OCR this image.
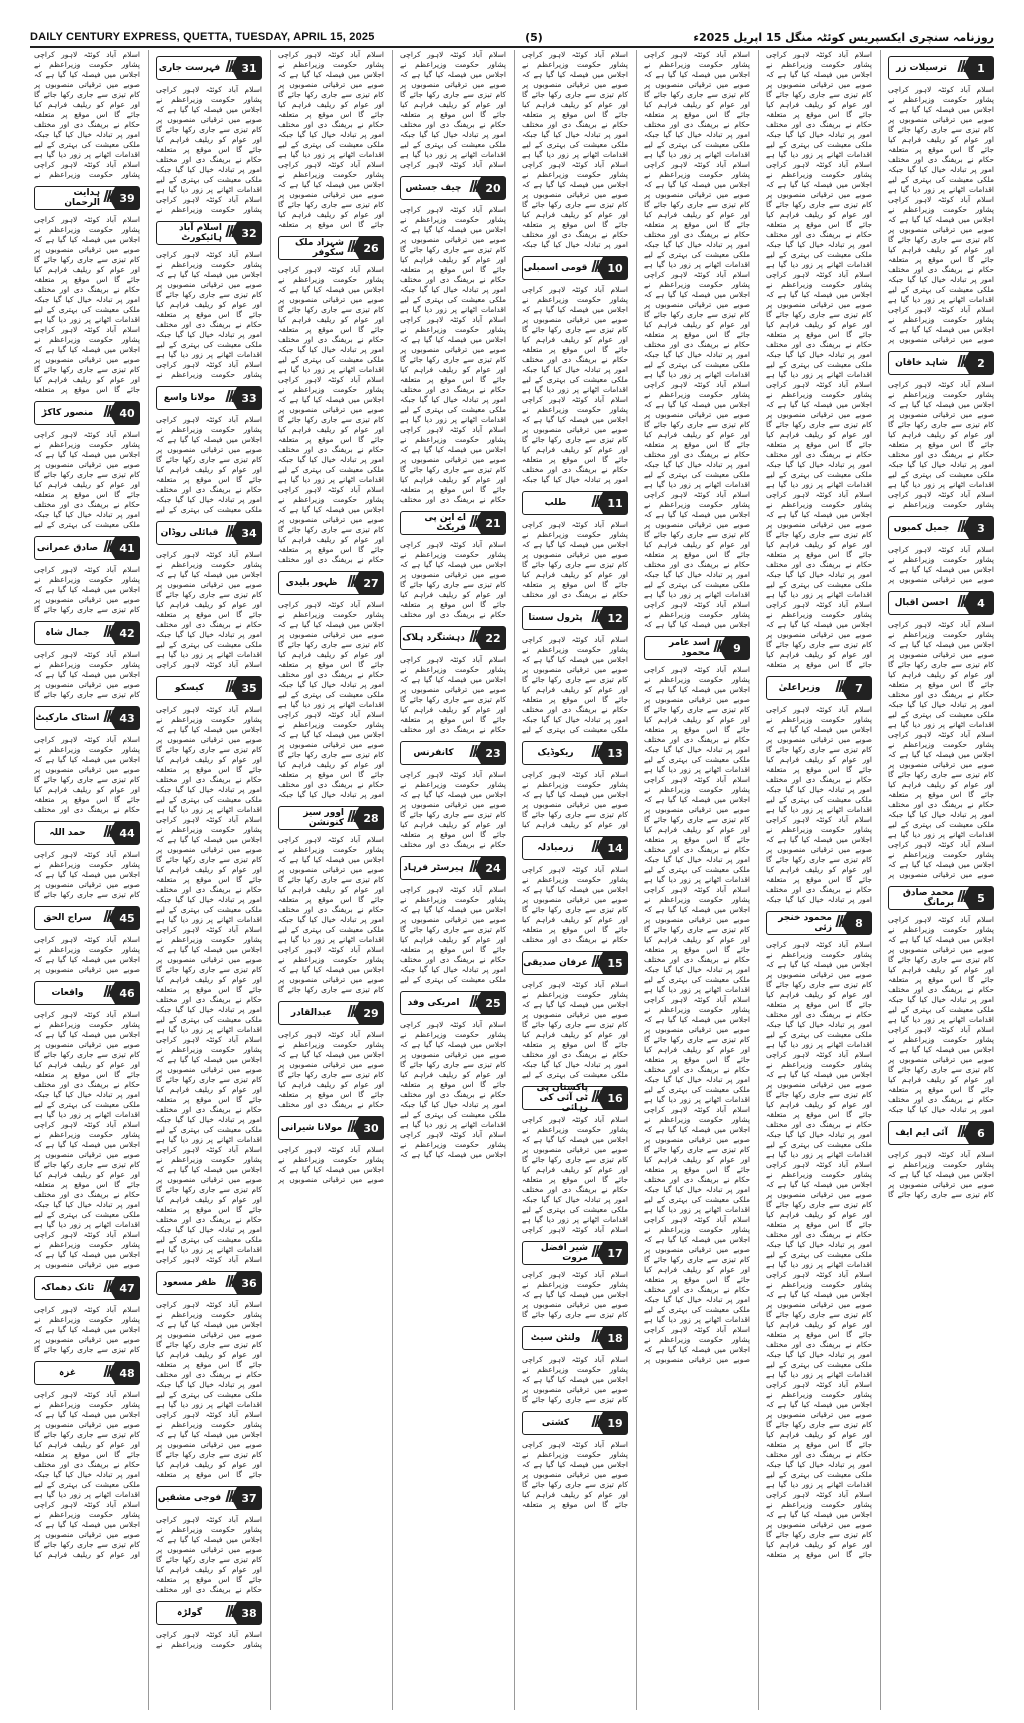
DAILY CENTURY EXPRESS, QUETTA, TUESDAY, APRIL 15, 2025	(5)	روزنامہ سنچری ایکسپریس کوئٹہ منگل 15 اپریل 2025ء
1
ترسیلات زر
اسلام آباد کوئٹہ لاہور کراچی پشاور حکومت وزیراعظم نے اجلاس میں فیصلہ کیا گیا ہے کہ صوبے میں ترقیاتی منصوبوں پر کام تیزی سے جاری رکھا جائے گا اور عوام کو ریلیف فراہم کیا جائے گا اس موقع پر متعلقہ حکام نے بریفنگ دی اور مختلف امور پر تبادلہ خیال کیا گیا جبکہ ملکی معیشت کی بہتری کے لیے اقدامات اٹھانے پر زور دیا گیا ہے اسلام آباد کوئٹہ لاہور کراچی پشاور حکومت وزیراعظم نے اجلاس میں فیصلہ کیا گیا ہے کہ صوبے میں ترقیاتی منصوبوں پر کام تیزی سے جاری رکھا جائے گا اور عوام کو ریلیف فراہم کیا جائے گا اس موقع پر متعلقہ حکام نے بریفنگ دی اور مختلف امور پر تبادلہ خیال کیا گیا جبکہ ملکی معیشت کی بہتری کے لیے اقدامات اٹھانے پر زور دیا گیا ہے اسلام آباد کوئٹہ لاہور کراچی پشاور حکومت وزیراعظم نے اجلاس میں فیصلہ کیا گیا ہے کہ صوبے میں ترقیاتی منصوبوں پر
2
شاہد خاقان
اسلام آباد کوئٹہ لاہور کراچی پشاور حکومت وزیراعظم نے اجلاس میں فیصلہ کیا گیا ہے کہ صوبے میں ترقیاتی منصوبوں پر کام تیزی سے جاری رکھا جائے گا اور عوام کو ریلیف فراہم کیا جائے گا اس موقع پر متعلقہ حکام نے بریفنگ دی اور مختلف امور پر تبادلہ خیال کیا گیا جبکہ ملکی معیشت کی بہتری کے لیے اقدامات اٹھانے پر زور دیا گیا ہے اسلام آباد کوئٹہ لاہور کراچی پشاور حکومت وزیراعظم نے
3
جمیل کمبوں
اسلام آباد کوئٹہ لاہور کراچی پشاور حکومت وزیراعظم نے اجلاس میں فیصلہ کیا گیا ہے کہ صوبے میں ترقیاتی منصوبوں پر
4
احسن اقبال
اسلام آباد کوئٹہ لاہور کراچی پشاور حکومت وزیراعظم نے اجلاس میں فیصلہ کیا گیا ہے کہ صوبے میں ترقیاتی منصوبوں پر کام تیزی سے جاری رکھا جائے گا اور عوام کو ریلیف فراہم کیا جائے گا اس موقع پر متعلقہ حکام نے بریفنگ دی اور مختلف امور پر تبادلہ خیال کیا گیا جبکہ ملکی معیشت کی بہتری کے لیے اقدامات اٹھانے پر زور دیا گیا ہے اسلام آباد کوئٹہ لاہور کراچی پشاور حکومت وزیراعظم نے اجلاس میں فیصلہ کیا گیا ہے کہ صوبے میں ترقیاتی منصوبوں پر کام تیزی سے جاری رکھا جائے گا اور عوام کو ریلیف فراہم کیا جائے گا اس موقع پر متعلقہ حکام نے بریفنگ دی اور مختلف امور پر تبادلہ خیال کیا گیا جبکہ ملکی معیشت کی بہتری کے لیے اقدامات اٹھانے پر زور دیا گیا ہے اسلام آباد کوئٹہ لاہور کراچی پشاور حکومت وزیراعظم نے اجلاس میں فیصلہ کیا گیا ہے کہ صوبے میں ترقیاتی منصوبوں پر
5
محمد صادق برمانگ
اسلام آباد کوئٹہ لاہور کراچی پشاور حکومت وزیراعظم نے اجلاس میں فیصلہ کیا گیا ہے کہ صوبے میں ترقیاتی منصوبوں پر کام تیزی سے جاری رکھا جائے گا اور عوام کو ریلیف فراہم کیا جائے گا اس موقع پر متعلقہ حکام نے بریفنگ دی اور مختلف امور پر تبادلہ خیال کیا گیا جبکہ ملکی معیشت کی بہتری کے لیے اقدامات اٹھانے پر زور دیا گیا ہے اسلام آباد کوئٹہ لاہور کراچی پشاور حکومت وزیراعظم نے اجلاس میں فیصلہ کیا گیا ہے کہ صوبے میں ترقیاتی منصوبوں پر کام تیزی سے جاری رکھا جائے گا اور عوام کو ریلیف فراہم کیا جائے گا اس موقع پر متعلقہ حکام نے بریفنگ دی اور مختلف امور پر تبادلہ خیال کیا گیا جبکہ
6
آئی ایم ایف
اسلام آباد کوئٹہ لاہور کراچی پشاور حکومت وزیراعظم نے اجلاس میں فیصلہ کیا گیا ہے کہ صوبے میں ترقیاتی منصوبوں پر کام تیزی سے جاری رکھا جائے گا
اسلام آباد کوئٹہ لاہور کراچی پشاور حکومت وزیراعظم نے اجلاس میں فیصلہ کیا گیا ہے کہ صوبے میں ترقیاتی منصوبوں پر کام تیزی سے جاری رکھا جائے گا اور عوام کو ریلیف فراہم کیا جائے گا اس موقع پر متعلقہ حکام نے بریفنگ دی اور مختلف امور پر تبادلہ خیال کیا گیا جبکہ ملکی معیشت کی بہتری کے لیے اقدامات اٹھانے پر زور دیا گیا ہے اسلام آباد کوئٹہ لاہور کراچی پشاور حکومت وزیراعظم نے اجلاس میں فیصلہ کیا گیا ہے کہ صوبے میں ترقیاتی منصوبوں پر کام تیزی سے جاری رکھا جائے گا اور عوام کو ریلیف فراہم کیا جائے گا اس موقع پر متعلقہ حکام نے بریفنگ دی اور مختلف امور پر تبادلہ خیال کیا گیا جبکہ ملکی معیشت کی بہتری کے لیے اقدامات اٹھانے پر زور دیا گیا ہے اسلام آباد کوئٹہ لاہور کراچی پشاور حکومت وزیراعظم نے اجلاس میں فیصلہ کیا گیا ہے کہ صوبے میں ترقیاتی منصوبوں پر کام تیزی سے جاری رکھا جائے گا اور عوام کو ریلیف فراہم کیا جائے گا اس موقع پر متعلقہ حکام نے بریفنگ دی اور مختلف امور پر تبادلہ خیال کیا گیا جبکہ ملکی معیشت کی بہتری کے لیے اقدامات اٹھانے پر زور دیا گیا ہے اسلام آباد کوئٹہ لاہور کراچی پشاور حکومت وزیراعظم نے اجلاس میں فیصلہ کیا گیا ہے کہ صوبے میں ترقیاتی منصوبوں پر کام تیزی سے جاری رکھا جائے گا اور عوام کو ریلیف فراہم کیا جائے گا اس موقع پر متعلقہ حکام نے بریفنگ دی اور مختلف امور پر تبادلہ خیال کیا گیا جبکہ ملکی معیشت کی بہتری کے لیے اقدامات اٹھانے پر زور دیا گیا ہے اسلام آباد کوئٹہ لاہور کراچی پشاور حکومت وزیراعظم نے اجلاس میں فیصلہ کیا گیا ہے کہ صوبے میں ترقیاتی منصوبوں پر کام تیزی سے جاری رکھا جائے گا اور عوام کو ریلیف فراہم کیا جائے گا اس موقع پر متعلقہ حکام نے بریفنگ دی اور مختلف امور پر تبادلہ خیال کیا گیا جبکہ ملکی معیشت کی بہتری کے لیے اقدامات اٹھانے پر زور دیا گیا ہے اسلام آباد کوئٹہ لاہور کراچی پشاور حکومت وزیراعظم نے اجلاس میں فیصلہ کیا گیا ہے کہ صوبے میں ترقیاتی منصوبوں پر کام تیزی سے جاری رکھا جائے گا اور عوام کو ریلیف فراہم کیا جائے گا اس موقع پر متعلقہ
7
وزیراعلیٰ
اسلام آباد کوئٹہ لاہور کراچی پشاور حکومت وزیراعظم نے اجلاس میں فیصلہ کیا گیا ہے کہ صوبے میں ترقیاتی منصوبوں پر کام تیزی سے جاری رکھا جائے گا اور عوام کو ریلیف فراہم کیا جائے گا اس موقع پر متعلقہ حکام نے بریفنگ دی اور مختلف امور پر تبادلہ خیال کیا گیا جبکہ ملکی معیشت کی بہتری کے لیے اقدامات اٹھانے پر زور دیا گیا ہے اسلام آباد کوئٹہ لاہور کراچی پشاور حکومت وزیراعظم نے اجلاس میں فیصلہ کیا گیا ہے کہ صوبے میں ترقیاتی منصوبوں پر کام تیزی سے جاری رکھا جائے گا اور عوام کو ریلیف فراہم کیا جائے گا اس موقع پر متعلقہ حکام نے بریفنگ دی اور مختلف امور پر تبادلہ خیال کیا گیا جبکہ
8
محمود خنجر زئی
اسلام آباد کوئٹہ لاہور کراچی پشاور حکومت وزیراعظم نے اجلاس میں فیصلہ کیا گیا ہے کہ صوبے میں ترقیاتی منصوبوں پر کام تیزی سے جاری رکھا جائے گا اور عوام کو ریلیف فراہم کیا جائے گا اس موقع پر متعلقہ حکام نے بریفنگ دی اور مختلف امور پر تبادلہ خیال کیا گیا جبکہ ملکی معیشت کی بہتری کے لیے اقدامات اٹھانے پر زور دیا گیا ہے اسلام آباد کوئٹہ لاہور کراچی پشاور حکومت وزیراعظم نے اجلاس میں فیصلہ کیا گیا ہے کہ صوبے میں ترقیاتی منصوبوں پر کام تیزی سے جاری رکھا جائے گا اور عوام کو ریلیف فراہم کیا جائے گا اس موقع پر متعلقہ حکام نے بریفنگ دی اور مختلف امور پر تبادلہ خیال کیا گیا جبکہ ملکی معیشت کی بہتری کے لیے اقدامات اٹھانے پر زور دیا گیا ہے اسلام آباد کوئٹہ لاہور کراچی پشاور حکومت وزیراعظم نے اجلاس میں فیصلہ کیا گیا ہے کہ صوبے میں ترقیاتی منصوبوں پر کام تیزی سے جاری رکھا جائے گا اور عوام کو ریلیف فراہم کیا جائے گا اس موقع پر متعلقہ حکام نے بریفنگ دی اور مختلف امور پر تبادلہ خیال کیا گیا جبکہ ملکی معیشت کی بہتری کے لیے اقدامات اٹھانے پر زور دیا گیا ہے اسلام آباد کوئٹہ لاہور کراچی پشاور حکومت وزیراعظم نے اجلاس میں فیصلہ کیا گیا ہے کہ صوبے میں ترقیاتی منصوبوں پر کام تیزی سے جاری رکھا جائے گا اور عوام کو ریلیف فراہم کیا جائے گا اس موقع پر متعلقہ حکام نے بریفنگ دی اور مختلف امور پر تبادلہ خیال کیا گیا جبکہ ملکی معیشت کی بہتری کے لیے اقدامات اٹھانے پر زور دیا گیا ہے اسلام آباد کوئٹہ لاہور کراچی پشاور حکومت وزیراعظم نے اجلاس میں فیصلہ کیا گیا ہے کہ صوبے میں ترقیاتی منصوبوں پر کام تیزی سے جاری رکھا جائے گا اور عوام کو ریلیف فراہم کیا جائے گا اس موقع پر متعلقہ حکام نے بریفنگ دی اور مختلف امور پر تبادلہ خیال کیا گیا جبکہ ملکی معیشت کی بہتری کے لیے اقدامات اٹھانے پر زور دیا گیا ہے اسلام آباد کوئٹہ لاہور کراچی پشاور حکومت وزیراعظم نے اجلاس میں فیصلہ کیا گیا ہے کہ صوبے میں ترقیاتی منصوبوں پر کام تیزی سے جاری رکھا جائے گا اور عوام کو ریلیف فراہم کیا جائے گا اس موقع پر متعلقہ
اسلام آباد کوئٹہ لاہور کراچی پشاور حکومت وزیراعظم نے اجلاس میں فیصلہ کیا گیا ہے کہ صوبے میں ترقیاتی منصوبوں پر کام تیزی سے جاری رکھا جائے گا اور عوام کو ریلیف فراہم کیا جائے گا اس موقع پر متعلقہ حکام نے بریفنگ دی اور مختلف امور پر تبادلہ خیال کیا گیا جبکہ ملکی معیشت کی بہتری کے لیے اقدامات اٹھانے پر زور دیا گیا ہے اسلام آباد کوئٹہ لاہور کراچی پشاور حکومت وزیراعظم نے اجلاس میں فیصلہ کیا گیا ہے کہ صوبے میں ترقیاتی منصوبوں پر کام تیزی سے جاری رکھا جائے گا اور عوام کو ریلیف فراہم کیا جائے گا اس موقع پر متعلقہ حکام نے بریفنگ دی اور مختلف امور پر تبادلہ خیال کیا گیا جبکہ ملکی معیشت کی بہتری کے لیے اقدامات اٹھانے پر زور دیا گیا ہے اسلام آباد کوئٹہ لاہور کراچی پشاور حکومت وزیراعظم نے اجلاس میں فیصلہ کیا گیا ہے کہ صوبے میں ترقیاتی منصوبوں پر کام تیزی سے جاری رکھا جائے گا اور عوام کو ریلیف فراہم کیا جائے گا اس موقع پر متعلقہ حکام نے بریفنگ دی اور مختلف امور پر تبادلہ خیال کیا گیا جبکہ ملکی معیشت کی بہتری کے لیے اقدامات اٹھانے پر زور دیا گیا ہے اسلام آباد کوئٹہ لاہور کراچی پشاور حکومت وزیراعظم نے اجلاس میں فیصلہ کیا گیا ہے کہ صوبے میں ترقیاتی منصوبوں پر کام تیزی سے جاری رکھا جائے گا اور عوام کو ریلیف فراہم کیا جائے گا اس موقع پر متعلقہ حکام نے بریفنگ دی اور مختلف امور پر تبادلہ خیال کیا گیا جبکہ ملکی معیشت کی بہتری کے لیے اقدامات اٹھانے پر زور دیا گیا ہے اسلام آباد کوئٹہ لاہور کراچی پشاور حکومت وزیراعظم نے اجلاس میں فیصلہ کیا گیا ہے کہ صوبے میں ترقیاتی منصوبوں پر کام تیزی سے جاری رکھا جائے گا اور عوام کو ریلیف فراہم کیا جائے گا اس موقع پر متعلقہ حکام نے بریفنگ دی اور مختلف امور پر تبادلہ خیال کیا گیا جبکہ ملکی معیشت کی بہتری کے لیے اقدامات اٹھانے پر زور دیا گیا ہے اسلام آباد کوئٹہ لاہور کراچی پشاور حکومت وزیراعظم نے اجلاس میں فیصلہ کیا گیا ہے کہ
9
اسد عامر محمود
اسلام آباد کوئٹہ لاہور کراچی پشاور حکومت وزیراعظم نے اجلاس میں فیصلہ کیا گیا ہے کہ صوبے میں ترقیاتی منصوبوں پر کام تیزی سے جاری رکھا جائے گا اور عوام کو ریلیف فراہم کیا جائے گا اس موقع پر متعلقہ حکام نے بریفنگ دی اور مختلف امور پر تبادلہ خیال کیا گیا جبکہ ملکی معیشت کی بہتری کے لیے اقدامات اٹھانے پر زور دیا گیا ہے اسلام آباد کوئٹہ لاہور کراچی پشاور حکومت وزیراعظم نے اجلاس میں فیصلہ کیا گیا ہے کہ صوبے میں ترقیاتی منصوبوں پر کام تیزی سے جاری رکھا جائے گا اور عوام کو ریلیف فراہم کیا جائے گا اس موقع پر متعلقہ حکام نے بریفنگ دی اور مختلف امور پر تبادلہ خیال کیا گیا جبکہ ملکی معیشت کی بہتری کے لیے اقدامات اٹھانے پر زور دیا گیا ہے اسلام آباد کوئٹہ لاہور کراچی پشاور حکومت وزیراعظم نے اجلاس میں فیصلہ کیا گیا ہے کہ صوبے میں ترقیاتی منصوبوں پر کام تیزی سے جاری رکھا جائے گا اور عوام کو ریلیف فراہم کیا جائے گا اس موقع پر متعلقہ حکام نے بریفنگ دی اور مختلف امور پر تبادلہ خیال کیا گیا جبکہ ملکی معیشت کی بہتری کے لیے اقدامات اٹھانے پر زور دیا گیا ہے اسلام آباد کوئٹہ لاہور کراچی پشاور حکومت وزیراعظم نے اجلاس میں فیصلہ کیا گیا ہے کہ صوبے میں ترقیاتی منصوبوں پر کام تیزی سے جاری رکھا جائے گا اور عوام کو ریلیف فراہم کیا جائے گا اس موقع پر متعلقہ حکام نے بریفنگ دی اور مختلف امور پر تبادلہ خیال کیا گیا جبکہ ملکی معیشت کی بہتری کے لیے اقدامات اٹھانے پر زور دیا گیا ہے اسلام آباد کوئٹہ لاہور کراچی پشاور حکومت وزیراعظم نے اجلاس میں فیصلہ کیا گیا ہے کہ صوبے میں ترقیاتی منصوبوں پر کام تیزی سے جاری رکھا جائے گا اور عوام کو ریلیف فراہم کیا جائے گا اس موقع پر متعلقہ حکام نے بریفنگ دی اور مختلف امور پر تبادلہ خیال کیا گیا جبکہ ملکی معیشت کی بہتری کے لیے اقدامات اٹھانے پر زور دیا گیا ہے اسلام آباد کوئٹہ لاہور کراچی پشاور حکومت وزیراعظم نے اجلاس میں فیصلہ کیا گیا ہے کہ صوبے میں ترقیاتی منصوبوں پر کام تیزی سے جاری رکھا جائے گا اور عوام کو ریلیف فراہم کیا جائے گا اس موقع پر متعلقہ حکام نے بریفنگ دی اور مختلف امور پر تبادلہ خیال کیا گیا جبکہ ملکی معیشت کی بہتری کے لیے اقدامات اٹھانے پر زور دیا گیا ہے اسلام آباد کوئٹہ لاہور کراچی پشاور حکومت وزیراعظم نے اجلاس میں فیصلہ کیا گیا ہے کہ صوبے میں ترقیاتی منصوبوں پر
اسلام آباد کوئٹہ لاہور کراچی پشاور حکومت وزیراعظم نے اجلاس میں فیصلہ کیا گیا ہے کہ صوبے میں ترقیاتی منصوبوں پر کام تیزی سے جاری رکھا جائے گا اور عوام کو ریلیف فراہم کیا جائے گا اس موقع پر متعلقہ حکام نے بریفنگ دی اور مختلف امور پر تبادلہ خیال کیا گیا جبکہ ملکی معیشت کی بہتری کے لیے اقدامات اٹھانے پر زور دیا گیا ہے اسلام آباد کوئٹہ لاہور کراچی پشاور حکومت وزیراعظم نے اجلاس میں فیصلہ کیا گیا ہے کہ صوبے میں ترقیاتی منصوبوں پر کام تیزی سے جاری رکھا جائے گا اور عوام کو ریلیف فراہم کیا جائے گا اس موقع پر متعلقہ حکام نے بریفنگ دی اور مختلف امور پر تبادلہ خیال کیا گیا جبکہ
10
قومی اسمبلی
اسلام آباد کوئٹہ لاہور کراچی پشاور حکومت وزیراعظم نے اجلاس میں فیصلہ کیا گیا ہے کہ صوبے میں ترقیاتی منصوبوں پر کام تیزی سے جاری رکھا جائے گا اور عوام کو ریلیف فراہم کیا جائے گا اس موقع پر متعلقہ حکام نے بریفنگ دی اور مختلف امور پر تبادلہ خیال کیا گیا جبکہ ملکی معیشت کی بہتری کے لیے اقدامات اٹھانے پر زور دیا گیا ہے اسلام آباد کوئٹہ لاہور کراچی پشاور حکومت وزیراعظم نے اجلاس میں فیصلہ کیا گیا ہے کہ صوبے میں ترقیاتی منصوبوں پر کام تیزی سے جاری رکھا جائے گا اور عوام کو ریلیف فراہم کیا جائے گا اس موقع پر متعلقہ حکام نے بریفنگ دی اور مختلف امور پر تبادلہ خیال کیا گیا جبکہ
11
طلب
اسلام آباد کوئٹہ لاہور کراچی پشاور حکومت وزیراعظم نے اجلاس میں فیصلہ کیا گیا ہے کہ صوبے میں ترقیاتی منصوبوں پر کام تیزی سے جاری رکھا جائے گا اور عوام کو ریلیف فراہم کیا جائے گا اس موقع پر متعلقہ حکام نے بریفنگ دی اور مختلف
12
پٹرول سستا
اسلام آباد کوئٹہ لاہور کراچی پشاور حکومت وزیراعظم نے اجلاس میں فیصلہ کیا گیا ہے کہ صوبے میں ترقیاتی منصوبوں پر کام تیزی سے جاری رکھا جائے گا اور عوام کو ریلیف فراہم کیا جائے گا اس موقع پر متعلقہ حکام نے بریفنگ دی اور مختلف امور پر تبادلہ خیال کیا گیا جبکہ ملکی معیشت کی بہتری کے لیے
13
ریکوڈیک
اسلام آباد کوئٹہ لاہور کراچی پشاور حکومت وزیراعظم نے اجلاس میں فیصلہ کیا گیا ہے کہ صوبے میں ترقیاتی منصوبوں پر کام تیزی سے جاری رکھا جائے گا اور عوام کو ریلیف فراہم کیا
14
زرمبادلہ
اسلام آباد کوئٹہ لاہور کراچی پشاور حکومت وزیراعظم نے اجلاس میں فیصلہ کیا گیا ہے کہ صوبے میں ترقیاتی منصوبوں پر کام تیزی سے جاری رکھا جائے گا اور عوام کو ریلیف فراہم کیا جائے گا اس موقع پر متعلقہ حکام نے بریفنگ دی اور مختلف
15
عرفان صدیقی
اسلام آباد کوئٹہ لاہور کراچی پشاور حکومت وزیراعظم نے اجلاس میں فیصلہ کیا گیا ہے کہ صوبے میں ترقیاتی منصوبوں پر کام تیزی سے جاری رکھا جائے گا اور عوام کو ریلیف فراہم کیا جائے گا اس موقع پر متعلقہ حکام نے بریفنگ دی اور مختلف امور پر تبادلہ خیال کیا گیا جبکہ ملکی معیشت کی بہتری کے لیے
16
پاکستان پی ٹی آئی کی رہائی
اسلام آباد کوئٹہ لاہور کراچی پشاور حکومت وزیراعظم نے اجلاس میں فیصلہ کیا گیا ہے کہ صوبے میں ترقیاتی منصوبوں پر کام تیزی سے جاری رکھا جائے گا اور عوام کو ریلیف فراہم کیا جائے گا اس موقع پر متعلقہ حکام نے بریفنگ دی اور مختلف امور پر تبادلہ خیال کیا گیا جبکہ ملکی معیشت کی بہتری کے لیے اقدامات اٹھانے پر زور دیا گیا ہے اسلام آباد کوئٹہ لاہور کراچی
17
شیر افضل مروت
اسلام آباد کوئٹہ لاہور کراچی پشاور حکومت وزیراعظم نے اجلاس میں فیصلہ کیا گیا ہے کہ صوبے میں ترقیاتی منصوبوں پر کام تیزی سے جاری رکھا جائے گا
18
ولنٹن سیٹ
اسلام آباد کوئٹہ لاہور کراچی پشاور حکومت وزیراعظم نے اجلاس میں فیصلہ کیا گیا ہے کہ صوبے میں ترقیاتی منصوبوں پر کام تیزی سے جاری رکھا جائے گا
19
کشتی
اسلام آباد کوئٹہ لاہور کراچی پشاور حکومت وزیراعظم نے اجلاس میں فیصلہ کیا گیا ہے کہ صوبے میں ترقیاتی منصوبوں پر کام تیزی سے جاری رکھا جائے گا اور عوام کو ریلیف فراہم کیا جائے گا اس موقع پر متعلقہ
اسلام آباد کوئٹہ لاہور کراچی پشاور حکومت وزیراعظم نے اجلاس میں فیصلہ کیا گیا ہے کہ صوبے میں ترقیاتی منصوبوں پر کام تیزی سے جاری رکھا جائے گا اور عوام کو ریلیف فراہم کیا جائے گا اس موقع پر متعلقہ حکام نے بریفنگ دی اور مختلف امور پر تبادلہ خیال کیا گیا جبکہ ملکی معیشت کی بہتری کے لیے اقدامات اٹھانے پر زور دیا گیا ہے اسلام آباد کوئٹہ لاہور کراچی
20
چیف جسٹس
اسلام آباد کوئٹہ لاہور کراچی پشاور حکومت وزیراعظم نے اجلاس میں فیصلہ کیا گیا ہے کہ صوبے میں ترقیاتی منصوبوں پر کام تیزی سے جاری رکھا جائے گا اور عوام کو ریلیف فراہم کیا جائے گا اس موقع پر متعلقہ حکام نے بریفنگ دی اور مختلف امور پر تبادلہ خیال کیا گیا جبکہ ملکی معیشت کی بہتری کے لیے اقدامات اٹھانے پر زور دیا گیا ہے اسلام آباد کوئٹہ لاہور کراچی پشاور حکومت وزیراعظم نے اجلاس میں فیصلہ کیا گیا ہے کہ صوبے میں ترقیاتی منصوبوں پر کام تیزی سے جاری رکھا جائے گا اور عوام کو ریلیف فراہم کیا جائے گا اس موقع پر متعلقہ حکام نے بریفنگ دی اور مختلف امور پر تبادلہ خیال کیا گیا جبکہ ملکی معیشت کی بہتری کے لیے اقدامات اٹھانے پر زور دیا گیا ہے اسلام آباد کوئٹہ لاہور کراچی پشاور حکومت وزیراعظم نے اجلاس میں فیصلہ کیا گیا ہے کہ صوبے میں ترقیاتی منصوبوں پر کام تیزی سے جاری رکھا جائے گا اور عوام کو ریلیف فراہم کیا جائے گا اس موقع پر متعلقہ حکام نے بریفنگ دی اور مختلف
21
اے این پی فریکٹ
اسلام آباد کوئٹہ لاہور کراچی پشاور حکومت وزیراعظم نے اجلاس میں فیصلہ کیا گیا ہے کہ صوبے میں ترقیاتی منصوبوں پر کام تیزی سے جاری رکھا جائے گا اور عوام کو ریلیف فراہم کیا جائے گا اس موقع پر متعلقہ حکام نے بریفنگ دی اور مختلف
22
دہشتگرد ہلاک
اسلام آباد کوئٹہ لاہور کراچی پشاور حکومت وزیراعظم نے اجلاس میں فیصلہ کیا گیا ہے کہ صوبے میں ترقیاتی منصوبوں پر کام تیزی سے جاری رکھا جائے گا اور عوام کو ریلیف فراہم کیا جائے گا اس موقع پر متعلقہ حکام نے بریفنگ دی اور مختلف
23
کانفرنس
اسلام آباد کوئٹہ لاہور کراچی پشاور حکومت وزیراعظم نے اجلاس میں فیصلہ کیا گیا ہے کہ صوبے میں ترقیاتی منصوبوں پر کام تیزی سے جاری رکھا جائے گا اور عوام کو ریلیف فراہم کیا جائے گا اس موقع پر متعلقہ حکام نے بریفنگ دی اور مختلف
24
ہیرسٹر فرہاد
اسلام آباد کوئٹہ لاہور کراچی پشاور حکومت وزیراعظم نے اجلاس میں فیصلہ کیا گیا ہے کہ صوبے میں ترقیاتی منصوبوں پر کام تیزی سے جاری رکھا جائے گا اور عوام کو ریلیف فراہم کیا جائے گا اس موقع پر متعلقہ حکام نے بریفنگ دی اور مختلف امور پر تبادلہ خیال کیا گیا جبکہ ملکی معیشت کی بہتری کے لیے
25
امریکی وفد
اسلام آباد کوئٹہ لاہور کراچی پشاور حکومت وزیراعظم نے اجلاس میں فیصلہ کیا گیا ہے کہ صوبے میں ترقیاتی منصوبوں پر کام تیزی سے جاری رکھا جائے گا اور عوام کو ریلیف فراہم کیا جائے گا اس موقع پر متعلقہ حکام نے بریفنگ دی اور مختلف امور پر تبادلہ خیال کیا گیا جبکہ ملکی معیشت کی بہتری کے لیے اقدامات اٹھانے پر زور دیا گیا ہے اسلام آباد کوئٹہ لاہور کراچی پشاور حکومت وزیراعظم نے اجلاس میں فیصلہ کیا گیا ہے کہ
اسلام آباد کوئٹہ لاہور کراچی پشاور حکومت وزیراعظم نے اجلاس میں فیصلہ کیا گیا ہے کہ صوبے میں ترقیاتی منصوبوں پر کام تیزی سے جاری رکھا جائے گا اور عوام کو ریلیف فراہم کیا جائے گا اس موقع پر متعلقہ حکام نے بریفنگ دی اور مختلف امور پر تبادلہ خیال کیا گیا جبکہ ملکی معیشت کی بہتری کے لیے اقدامات اٹھانے پر زور دیا گیا ہے اسلام آباد کوئٹہ لاہور کراچی پشاور حکومت وزیراعظم نے اجلاس میں فیصلہ کیا گیا ہے کہ صوبے میں ترقیاتی منصوبوں پر کام تیزی سے جاری رکھا جائے گا اور عوام کو ریلیف فراہم کیا جائے گا اس موقع پر متعلقہ
26
شہزاد ملک سکوفر
اسلام آباد کوئٹہ لاہور کراچی پشاور حکومت وزیراعظم نے اجلاس میں فیصلہ کیا گیا ہے کہ صوبے میں ترقیاتی منصوبوں پر کام تیزی سے جاری رکھا جائے گا اور عوام کو ریلیف فراہم کیا جائے گا اس موقع پر متعلقہ حکام نے بریفنگ دی اور مختلف امور پر تبادلہ خیال کیا گیا جبکہ ملکی معیشت کی بہتری کے لیے اقدامات اٹھانے پر زور دیا گیا ہے اسلام آباد کوئٹہ لاہور کراچی پشاور حکومت وزیراعظم نے اجلاس میں فیصلہ کیا گیا ہے کہ صوبے میں ترقیاتی منصوبوں پر کام تیزی سے جاری رکھا جائے گا اور عوام کو ریلیف فراہم کیا جائے گا اس موقع پر متعلقہ حکام نے بریفنگ دی اور مختلف امور پر تبادلہ خیال کیا گیا جبکہ ملکی معیشت کی بہتری کے لیے اقدامات اٹھانے پر زور دیا گیا ہے اسلام آباد کوئٹہ لاہور کراچی پشاور حکومت وزیراعظم نے اجلاس میں فیصلہ کیا گیا ہے کہ صوبے میں ترقیاتی منصوبوں پر کام تیزی سے جاری رکھا جائے گا اور عوام کو ریلیف فراہم کیا جائے گا اس موقع پر متعلقہ حکام نے بریفنگ دی اور مختلف
27
ظہور بلیدی
اسلام آباد کوئٹہ لاہور کراچی پشاور حکومت وزیراعظم نے اجلاس میں فیصلہ کیا گیا ہے کہ صوبے میں ترقیاتی منصوبوں پر کام تیزی سے جاری رکھا جائے گا اور عوام کو ریلیف فراہم کیا جائے گا اس موقع پر متعلقہ حکام نے بریفنگ دی اور مختلف امور پر تبادلہ خیال کیا گیا جبکہ ملکی معیشت کی بہتری کے لیے اقدامات اٹھانے پر زور دیا گیا ہے اسلام آباد کوئٹہ لاہور کراچی پشاور حکومت وزیراعظم نے اجلاس میں فیصلہ کیا گیا ہے کہ صوبے میں ترقیاتی منصوبوں پر کام تیزی سے جاری رکھا جائے گا اور عوام کو ریلیف فراہم کیا جائے گا اس موقع پر متعلقہ حکام نے بریفنگ دی اور مختلف امور پر تبادلہ خیال کیا گیا جبکہ
28
اوور سیز کنونشن
اسلام آباد کوئٹہ لاہور کراچی پشاور حکومت وزیراعظم نے اجلاس میں فیصلہ کیا گیا ہے کہ صوبے میں ترقیاتی منصوبوں پر کام تیزی سے جاری رکھا جائے گا اور عوام کو ریلیف فراہم کیا جائے گا اس موقع پر متعلقہ حکام نے بریفنگ دی اور مختلف امور پر تبادلہ خیال کیا گیا جبکہ ملکی معیشت کی بہتری کے لیے اقدامات اٹھانے پر زور دیا گیا ہے اسلام آباد کوئٹہ لاہور کراچی پشاور حکومت وزیراعظم نے اجلاس میں فیصلہ کیا گیا ہے کہ صوبے میں ترقیاتی منصوبوں پر کام تیزی سے جاری رکھا جائے گا
29
عبدالقادر
اسلام آباد کوئٹہ لاہور کراچی پشاور حکومت وزیراعظم نے اجلاس میں فیصلہ کیا گیا ہے کہ صوبے میں ترقیاتی منصوبوں پر کام تیزی سے جاری رکھا جائے گا اور عوام کو ریلیف فراہم کیا جائے گا اس موقع پر متعلقہ حکام نے بریفنگ دی اور مختلف
30
مولانا شیرانی
اسلام آباد کوئٹہ لاہور کراچی پشاور حکومت وزیراعظم نے اجلاس میں فیصلہ کیا گیا ہے کہ صوبے میں ترقیاتی منصوبوں پر
31
فہرست جاری
اسلام آباد کوئٹہ لاہور کراچی پشاور حکومت وزیراعظم نے اجلاس میں فیصلہ کیا گیا ہے کہ صوبے میں ترقیاتی منصوبوں پر کام تیزی سے جاری رکھا جائے گا اور عوام کو ریلیف فراہم کیا جائے گا اس موقع پر متعلقہ حکام نے بریفنگ دی اور مختلف امور پر تبادلہ خیال کیا گیا جبکہ ملکی معیشت کی بہتری کے لیے اقدامات اٹھانے پر زور دیا گیا ہے اسلام آباد کوئٹہ لاہور کراچی پشاور حکومت وزیراعظم نے
32
اسلام آباد ہائیکورٹ
اسلام آباد کوئٹہ لاہور کراچی پشاور حکومت وزیراعظم نے اجلاس میں فیصلہ کیا گیا ہے کہ صوبے میں ترقیاتی منصوبوں پر کام تیزی سے جاری رکھا جائے گا اور عوام کو ریلیف فراہم کیا جائے گا اس موقع پر متعلقہ حکام نے بریفنگ دی اور مختلف امور پر تبادلہ خیال کیا گیا جبکہ ملکی معیشت کی بہتری کے لیے اقدامات اٹھانے پر زور دیا گیا ہے اسلام آباد کوئٹہ لاہور کراچی پشاور حکومت وزیراعظم نے
33
مولانا واسع
اسلام آباد کوئٹہ لاہور کراچی پشاور حکومت وزیراعظم نے اجلاس میں فیصلہ کیا گیا ہے کہ صوبے میں ترقیاتی منصوبوں پر کام تیزی سے جاری رکھا جائے گا اور عوام کو ریلیف فراہم کیا جائے گا اس موقع پر متعلقہ حکام نے بریفنگ دی اور مختلف امور پر تبادلہ خیال کیا گیا جبکہ ملکی معیشت کی بہتری کے لیے
34
قبائلی روڈان
اسلام آباد کوئٹہ لاہور کراچی پشاور حکومت وزیراعظم نے اجلاس میں فیصلہ کیا گیا ہے کہ صوبے میں ترقیاتی منصوبوں پر کام تیزی سے جاری رکھا جائے گا اور عوام کو ریلیف فراہم کیا جائے گا اس موقع پر متعلقہ حکام نے بریفنگ دی اور مختلف امور پر تبادلہ خیال کیا گیا جبکہ ملکی معیشت کی بہتری کے لیے اقدامات اٹھانے پر زور دیا گیا ہے اسلام آباد کوئٹہ لاہور کراچی
35
کیسکو
اسلام آباد کوئٹہ لاہور کراچی پشاور حکومت وزیراعظم نے اجلاس میں فیصلہ کیا گیا ہے کہ صوبے میں ترقیاتی منصوبوں پر کام تیزی سے جاری رکھا جائے گا اور عوام کو ریلیف فراہم کیا جائے گا اس موقع پر متعلقہ حکام نے بریفنگ دی اور مختلف امور پر تبادلہ خیال کیا گیا جبکہ ملکی معیشت کی بہتری کے لیے اقدامات اٹھانے پر زور دیا گیا ہے اسلام آباد کوئٹہ لاہور کراچی پشاور حکومت وزیراعظم نے اجلاس میں فیصلہ کیا گیا ہے کہ صوبے میں ترقیاتی منصوبوں پر کام تیزی سے جاری رکھا جائے گا اور عوام کو ریلیف فراہم کیا جائے گا اس موقع پر متعلقہ حکام نے بریفنگ دی اور مختلف امور پر تبادلہ خیال کیا گیا جبکہ ملکی معیشت کی بہتری کے لیے اقدامات اٹھانے پر زور دیا گیا ہے اسلام آباد کوئٹہ لاہور کراچی پشاور حکومت وزیراعظم نے اجلاس میں فیصلہ کیا گیا ہے کہ صوبے میں ترقیاتی منصوبوں پر کام تیزی سے جاری رکھا جائے گا اور عوام کو ریلیف فراہم کیا جائے گا اس موقع پر متعلقہ حکام نے بریفنگ دی اور مختلف امور پر تبادلہ خیال کیا گیا جبکہ ملکی معیشت کی بہتری کے لیے اقدامات اٹھانے پر زور دیا گیا ہے اسلام آباد کوئٹہ لاہور کراچی پشاور حکومت وزیراعظم نے اجلاس میں فیصلہ کیا گیا ہے کہ صوبے میں ترقیاتی منصوبوں پر کام تیزی سے جاری رکھا جائے گا اور عوام کو ریلیف فراہم کیا جائے گا اس موقع پر متعلقہ حکام نے بریفنگ دی اور مختلف امور پر تبادلہ خیال کیا گیا جبکہ ملکی معیشت کی بہتری کے لیے اقدامات اٹھانے پر زور دیا گیا ہے اسلام آباد کوئٹہ لاہور کراچی پشاور حکومت وزیراعظم نے اجلاس میں فیصلہ کیا گیا ہے کہ صوبے میں ترقیاتی منصوبوں پر کام تیزی سے جاری رکھا جائے گا اور عوام کو ریلیف فراہم کیا جائے گا اس موقع پر متعلقہ حکام نے بریفنگ دی اور مختلف امور پر تبادلہ خیال کیا گیا جبکہ ملکی معیشت کی بہتری کے لیے اقدامات اٹھانے پر زور دیا گیا ہے اسلام آباد کوئٹہ لاہور کراچی
36
ظفر مسعود
اسلام آباد کوئٹہ لاہور کراچی پشاور حکومت وزیراعظم نے اجلاس میں فیصلہ کیا گیا ہے کہ صوبے میں ترقیاتی منصوبوں پر کام تیزی سے جاری رکھا جائے گا اور عوام کو ریلیف فراہم کیا جائے گا اس موقع پر متعلقہ حکام نے بریفنگ دی اور مختلف امور پر تبادلہ خیال کیا گیا جبکہ ملکی معیشت کی بہتری کے لیے اقدامات اٹھانے پر زور دیا گیا ہے اسلام آباد کوئٹہ لاہور کراچی پشاور حکومت وزیراعظم نے اجلاس میں فیصلہ کیا گیا ہے کہ صوبے میں ترقیاتی منصوبوں پر کام تیزی سے جاری رکھا جائے گا اور عوام کو ریلیف فراہم کیا جائے گا اس موقع پر متعلقہ
37
فوجی مشقیں
اسلام آباد کوئٹہ لاہور کراچی پشاور حکومت وزیراعظم نے اجلاس میں فیصلہ کیا گیا ہے کہ صوبے میں ترقیاتی منصوبوں پر کام تیزی سے جاری رکھا جائے گا اور عوام کو ریلیف فراہم کیا جائے گا اس موقع پر متعلقہ حکام نے بریفنگ دی اور مختلف
38
گولڑہ
اسلام آباد کوئٹہ لاہور کراچی پشاور حکومت وزیراعظم نے
اسلام آباد کوئٹہ لاہور کراچی پشاور حکومت وزیراعظم نے اجلاس میں فیصلہ کیا گیا ہے کہ صوبے میں ترقیاتی منصوبوں پر کام تیزی سے جاری رکھا جائے گا اور عوام کو ریلیف فراہم کیا جائے گا اس موقع پر متعلقہ حکام نے بریفنگ دی اور مختلف امور پر تبادلہ خیال کیا گیا جبکہ ملکی معیشت کی بہتری کے لیے اقدامات اٹھانے پر زور دیا گیا ہے اسلام آباد کوئٹہ لاہور کراچی پشاور حکومت وزیراعظم نے
39
ہدایت الرحمان
اسلام آباد کوئٹہ لاہور کراچی پشاور حکومت وزیراعظم نے اجلاس میں فیصلہ کیا گیا ہے کہ صوبے میں ترقیاتی منصوبوں پر کام تیزی سے جاری رکھا جائے گا اور عوام کو ریلیف فراہم کیا جائے گا اس موقع پر متعلقہ حکام نے بریفنگ دی اور مختلف امور پر تبادلہ خیال کیا گیا جبکہ ملکی معیشت کی بہتری کے لیے اقدامات اٹھانے پر زور دیا گیا ہے اسلام آباد کوئٹہ لاہور کراچی پشاور حکومت وزیراعظم نے اجلاس میں فیصلہ کیا گیا ہے کہ صوبے میں ترقیاتی منصوبوں پر کام تیزی سے جاری رکھا جائے گا اور عوام کو ریلیف فراہم کیا جائے گا اس موقع پر متعلقہ
40
منصور کاکڑ
اسلام آباد کوئٹہ لاہور کراچی پشاور حکومت وزیراعظم نے اجلاس میں فیصلہ کیا گیا ہے کہ صوبے میں ترقیاتی منصوبوں پر کام تیزی سے جاری رکھا جائے گا اور عوام کو ریلیف فراہم کیا جائے گا اس موقع پر متعلقہ حکام نے بریفنگ دی اور مختلف امور پر تبادلہ خیال کیا گیا جبکہ ملکی معیشت کی بہتری کے لیے
41
صادق عمرانی
اسلام آباد کوئٹہ لاہور کراچی پشاور حکومت وزیراعظم نے اجلاس میں فیصلہ کیا گیا ہے کہ صوبے میں ترقیاتی منصوبوں پر کام تیزی سے جاری رکھا جائے گا
42
جمال شاہ
اسلام آباد کوئٹہ لاہور کراچی پشاور حکومت وزیراعظم نے اجلاس میں فیصلہ کیا گیا ہے کہ صوبے میں ترقیاتی منصوبوں پر کام تیزی سے جاری رکھا جائے گا
43
اسٹاک مارکیٹ
اسلام آباد کوئٹہ لاہور کراچی پشاور حکومت وزیراعظم نے اجلاس میں فیصلہ کیا گیا ہے کہ صوبے میں ترقیاتی منصوبوں پر کام تیزی سے جاری رکھا جائے گا اور عوام کو ریلیف فراہم کیا جائے گا اس موقع پر متعلقہ حکام نے بریفنگ دی اور مختلف
44
حمد اللہ
اسلام آباد کوئٹہ لاہور کراچی پشاور حکومت وزیراعظم نے اجلاس میں فیصلہ کیا گیا ہے کہ صوبے میں ترقیاتی منصوبوں پر کام تیزی سے جاری رکھا جائے گا
45
سراج الحق
اسلام آباد کوئٹہ لاہور کراچی پشاور حکومت وزیراعظم نے اجلاس میں فیصلہ کیا گیا ہے کہ صوبے میں ترقیاتی منصوبوں پر
46
واقعات
اسلام آباد کوئٹہ لاہور کراچی پشاور حکومت وزیراعظم نے اجلاس میں فیصلہ کیا گیا ہے کہ صوبے میں ترقیاتی منصوبوں پر کام تیزی سے جاری رکھا جائے گا اور عوام کو ریلیف فراہم کیا جائے گا اس موقع پر متعلقہ حکام نے بریفنگ دی اور مختلف امور پر تبادلہ خیال کیا گیا جبکہ ملکی معیشت کی بہتری کے لیے اقدامات اٹھانے پر زور دیا گیا ہے اسلام آباد کوئٹہ لاہور کراچی پشاور حکومت وزیراعظم نے اجلاس میں فیصلہ کیا گیا ہے کہ صوبے میں ترقیاتی منصوبوں پر کام تیزی سے جاری رکھا جائے گا اور عوام کو ریلیف فراہم کیا جائے گا اس موقع پر متعلقہ حکام نے بریفنگ دی اور مختلف امور پر تبادلہ خیال کیا گیا جبکہ ملکی معیشت کی بہتری کے لیے اقدامات اٹھانے پر زور دیا گیا ہے اسلام آباد کوئٹہ لاہور کراچی پشاور حکومت وزیراعظم نے اجلاس میں فیصلہ کیا گیا ہے کہ صوبے میں ترقیاتی منصوبوں پر
47
ٹانک دھماکہ
اسلام آباد کوئٹہ لاہور کراچی پشاور حکومت وزیراعظم نے اجلاس میں فیصلہ کیا گیا ہے کہ صوبے میں ترقیاتی منصوبوں پر کام تیزی سے جاری رکھا جائے گا
48
غزہ
اسلام آباد کوئٹہ لاہور کراچی پشاور حکومت وزیراعظم نے اجلاس میں فیصلہ کیا گیا ہے کہ صوبے میں ترقیاتی منصوبوں پر کام تیزی سے جاری رکھا جائے گا اور عوام کو ریلیف فراہم کیا جائے گا اس موقع پر متعلقہ حکام نے بریفنگ دی اور مختلف امور پر تبادلہ خیال کیا گیا جبکہ ملکی معیشت کی بہتری کے لیے اقدامات اٹھانے پر زور دیا گیا ہے اسلام آباد کوئٹہ لاہور کراچی پشاور حکومت وزیراعظم نے اجلاس میں فیصلہ کیا گیا ہے کہ صوبے میں ترقیاتی منصوبوں پر کام تیزی سے جاری رکھا جائے گا اور عوام کو ریلیف فراہم کیا
